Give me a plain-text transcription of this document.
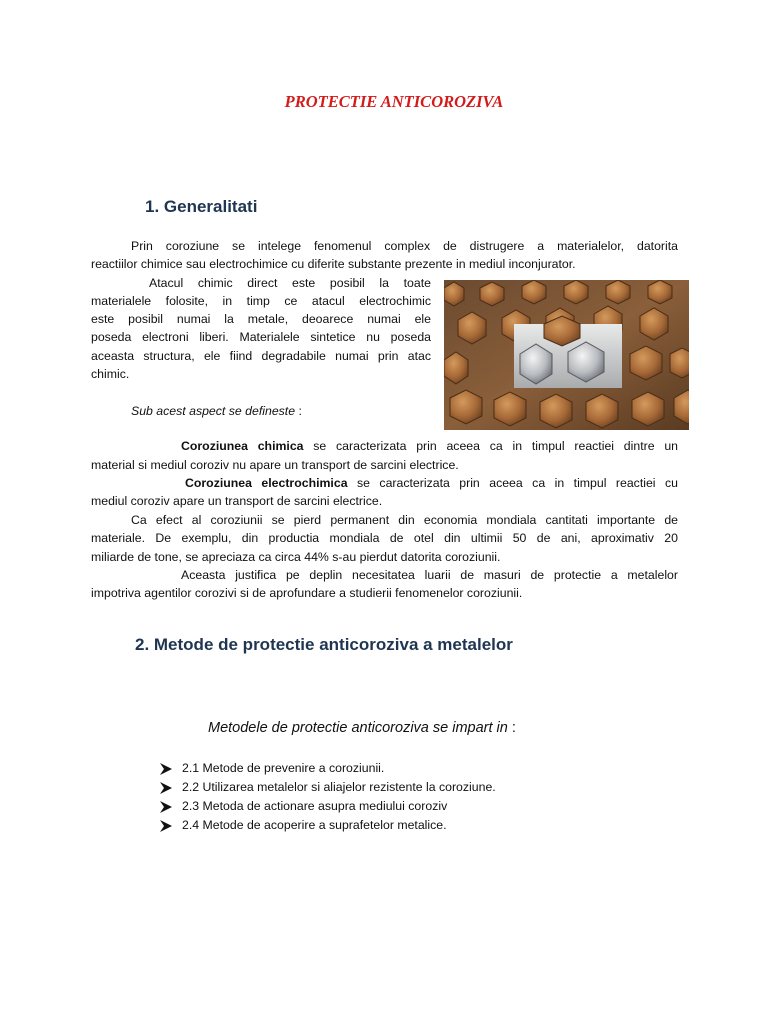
PROTECTIE ANTICOROZIVA
1. Generalitati
Prin coroziune se intelege fenomenul complex de distrugere a materialelor, datorita
reactiilor chimice sau electrochimice cu diferite substante prezente in mediul inconjurator.
Atacul chimic direct este posibil la toate
materialele folosite, in timp ce atacul electrochimic
este posibil numai la metale, deoarece numai ele
poseda electroni liberi. Materialele sintetice nu poseda
aceasta structura, ele fiind degradabile numai prin atac
chimic.
Sub acest aspect se defineste :
Coroziunea chimica se caracterizata prin aceea ca in timpul reactiei dintre un
material si mediul coroziv nu apare un transport de sarcini electrice.
Coroziunea electrochimica se caracterizata prin aceea ca in timpul reactiei cu
mediul coroziv apare un transport de sarcini electrice.
Ca efect al coroziunii se pierd permanent din economia mondiala cantitati importante de
materiale. De exemplu, din productia mondiala de otel din ultimii 50 de ani, aproximativ 20
miliarde de tone, se apreciaza ca circa 44% s-au pierdut datorita coroziunii.
Aceasta justifica pe deplin necesitatea luarii de masuri de protectie a metalelor
impotriva agentilor corozivi si de aprofundare a studierii fenomenelor coroziunii.
2. Metode de protectie anticoroziva a metalelor
Metodele de protectie anticoroziva se impart in :
2.1 Metode de prevenire a coroziunii.
2.2 Utilizarea metalelor si aliajelor rezistente la coroziune.
2.3 Metoda de actionare asupra mediului coroziv
2.4 Metode de acoperire a suprafetelor metalice.
